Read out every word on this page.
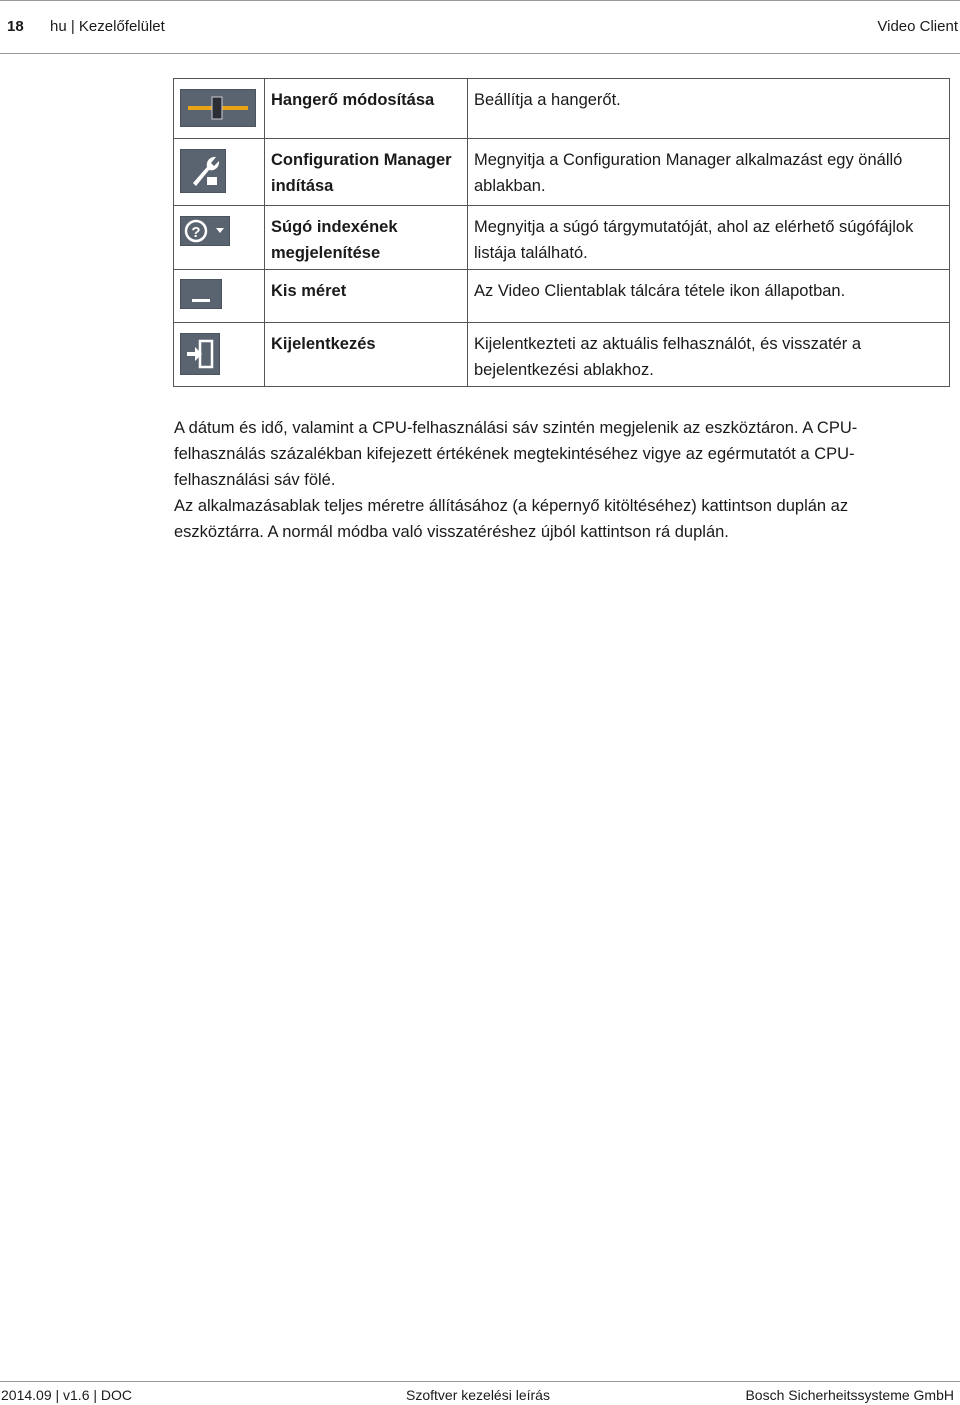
18 hu | Kezelőfelület	Video Client

Hangerő módosítása	Beállítja a hangerőt.

Configuration Manager indítása	Megnyitja a Configuration Manager alkalmazást egy önálló ablakban.

?	Súgó indexének megjelenítése	Megnyitja a súgó tárgymutatóját, ahol az elérhető súgófájlok listája található.

Kis méret	Az Video Clientablak tálcára tétele ikon állapotban.

Kijelentkezés	Kijelentkezteti az aktuális felhasználót, és visszatér a bejelentkezési ablakhoz.

A dátum és idő, valamint a CPU-felhasználási sáv szintén megjelenik az eszköztáron. A CPU-felhasználás százalékban kifejezett értékének megtekintéséhez vigye az egérmutatót a CPU-felhasználási sáv fölé.

Az alkalmazásablak teljes méretre állításához (a képernyő kitöltéséhez) kattintson duplán az eszköztárra. A normál módba való visszatéréshez újból kattintson rá duplán.

2014.09 | v1.6 | DOC	Szoftver kezelési leírás	Bosch Sicherheitssysteme GmbH
